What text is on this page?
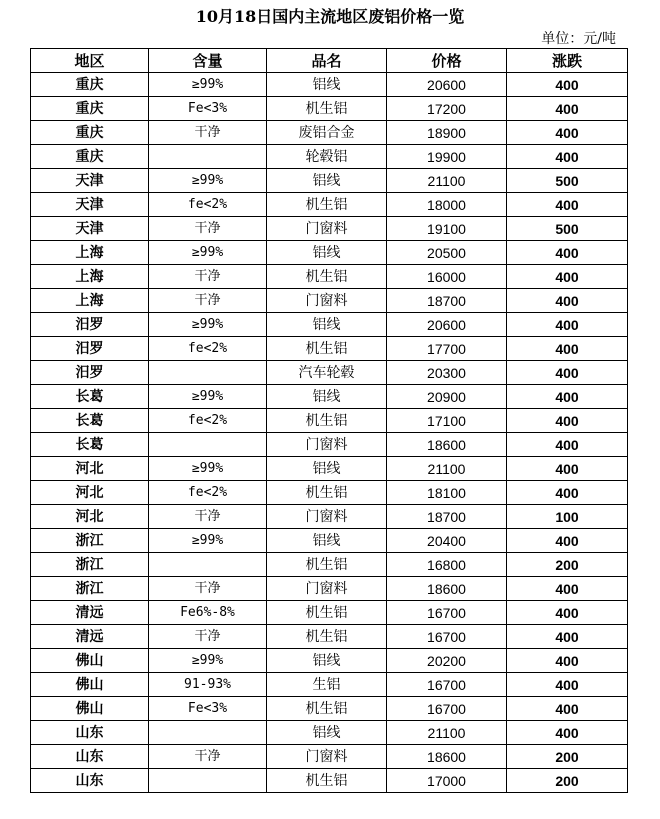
10月18日国内主流地区废铝价格一览
单位：元/吨
地区	含量	品名	价格	涨跌
重庆	≥99%	铝线	20600	400
重庆	Fe<3%	机生铝	17200	400
重庆	干净	废铝合金	18900	400
重庆		轮毂铝	19900	400
天津	≥99%	铝线	21100	500
天津	fe<2%	机生铝	18000	400
天津	干净	门窗料	19100	500
上海	≥99%	铝线	20500	400
上海	干净	机生铝	16000	400
上海	干净	门窗料	18700	400
汨罗	≥99%	铝线	20600	400
汨罗	fe<2%	机生铝	17700	400
汨罗		汽车轮毂	20300	400
长葛	≥99%	铝线	20900	400
长葛	fe<2%	机生铝	17100	400
长葛		门窗料	18600	400
河北	≥99%	铝线	21100	400
河北	fe<2%	机生铝	18100	400
河北	干净	门窗料	18700	100
浙江	≥99%	铝线	20400	400
浙江		机生铝	16800	200
浙江	干净	门窗料	18600	400
清远	Fe6%-8%	机生铝	16700	400
清远	干净	机生铝	16700	400
佛山	≥99%	铝线	20200	400
佛山	91-93%	生铝	16700	400
佛山	Fe<3%	机生铝	16700	400
山东		铝线	21100	400
山东	干净	门窗料	18600	200
山东		机生铝	17000	200
